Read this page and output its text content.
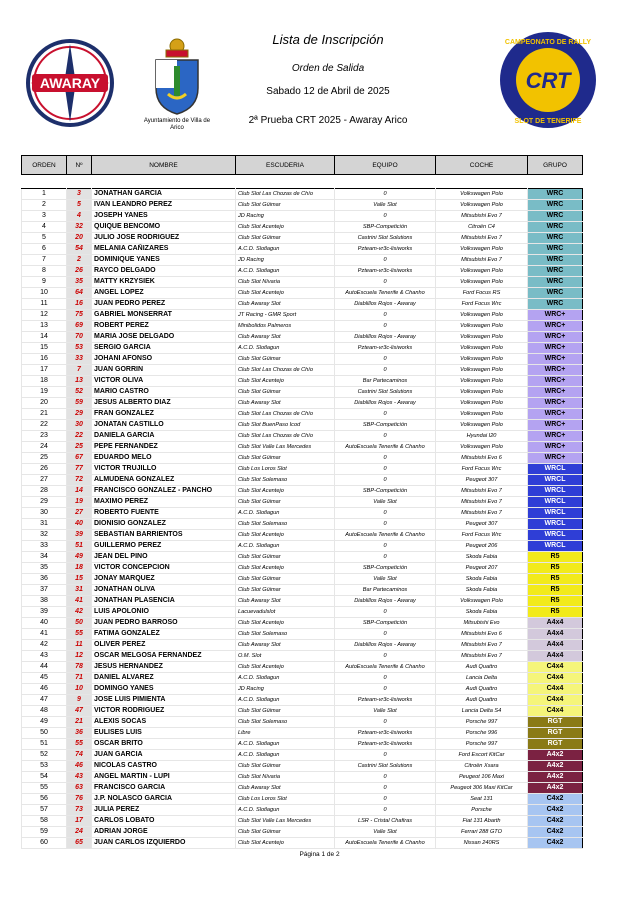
AWARAY
Ayuntamiento de Villa de Arico
CRT
CAMPEONATO DE RALLY
SLOT DE TENERIFE
Lista de Inscripción
Orden de Salida
Sabado 12 de Abril de 2025
2ª Prueba CRT 2025 - Awaray Arico
ORDEN	Nº	NOMBRE	ESCUDERIA	EQUIPO	COCHE	GRUPO
1	3	JONATHAN GARCIA	Club Slot Las Chozas de Chío	0	Volkswagen Polo	WRC
2	5	IVAN LEANDRO PEREZ	Club Slot Güimar	Valle Slot	Volkswagen Polo	WRC
3	4	JOSEPH YANES	JD Racing	0	Mitsubishi Evo 7	WRC
4	32	QUIQUE BENCOMO	Club Slot Acentejo	SBP-Competición	Citroën C4	WRC
5	20	JULIO JOSE RODRIGUEZ	Club Slot Güimar	Castrini Slot Solutions	Mitsubishi Evo 7	WRC
6	54	MELANIA CAÑIZARES	A.C.D. Slotlagun	Pzteam-vr3c-lisiworks	Volkswagen Polo	WRC
7	2	DOMINIQUE YANES	JD Racing	0	Mitsubishi Evo 7	WRC
8	26	RAYCO DELGADO	A.C.D. Slotlagun	Pzteam-vr3c-lisiworks	Volkswagen Polo	WRC
9	35	MATTY KRZYSIEK	Club Slot Nívaria	0	Volkswagen Polo	WRC
10	64	ANGEL LOPEZ	Club Slot Acentejo	AutoEscuela Tenerife & Chanho	Ford Focus RS	WRC
11	16	JUAN PEDRO PEREZ	Club Awaray Slot	Diablillos Rojos - Awaray	Ford Focus Wrc	WRC
12	75	GABRIEL MONSERRAT	JT Racing - GMR Sport	0	Volkswagen Polo	WRC+
13	69	ROBERT PEREZ	Minibolidos Palmeros	0	Volkswagen Polo	WRC+
14	70	MARIA JOSE DELGADO	Club Awaray Slot	Diablillos Rojos - Awaray	Volkswagen Polo	WRC+
15	53	SERGIO GARCIA	A.C.D. Slotlagun	Pzteam-vr3c-lisiworks	Volkswagen Polo	WRC+
16	33	JOHANI AFONSO	Club Slot Güimar	0	Volkswagen Polo	WRC+
17	7	JUAN GORRIN	Club Slot Las Chozas de Chío	0	Volkswagen Polo	WRC+
18	13	VICTOR OLIVA	Club Slot Acentejo	Bar Partecaminos	Volkswagen Polo	WRC+
19	52	MARIO CASTRO	Club Slot Güimar	Castrini Slot Solutions	Volkswagen Polo	WRC+
20	59	JESUS ALBERTO DIAZ	Club Awaray Slot	Diablillos Rojos - Awaray	Volkswagen Polo	WRC+
21	29	FRAN GONZALEZ	Club Slot Las Chozas de Chío	0	Volkswagen Polo	WRC+
22	30	JONATAN CASTILLO	Club Slot BuenPaso Icod	SBP-Competición	Volkswagen Polo	WRC+
23	22	DANIELA GARCIA	Club Slot Las Chozas de Chío	0	Hyundai I20	WRC+
24	25	PEPE FERNANDEZ	Club Slot Valle Las Mercedes	AutoEscuela Tenerife & Chanho	Volkswagen Polo	WRC+
25	67	EDUARDO MELO	Club Slot Güimar	0	Mitsubishi Evo 6	WRC+
26	77	VICTOR TRUJILLO	Club Los Loros Slot	0	Ford Focus Wrc	WRCL
27	72	ALMUDENA GONZALEZ	Club Slot Solemaso	0	Peugeot 307	WRCL
28	14	FRANCISCO GONZALEZ - PANCHO	Club Slot Acentejo	SBP-Competición	Mitsubishi Evo 7	WRCL
29	19	MAXIMO PEREZ	Club Slot Güimar	Valle Slot	Mitsubishi Evo 7	WRCL
30	27	ROBERTO FUENTE	A.C.D. Slotlagun	0	Mitsubishi Evo 7	WRCL
31	40	DIONISIO GONZALEZ	Club Slot Solemaso	0	Peugeot 307	WRCL
32	39	SEBASTIAN BARRIENTOS	Club Slot Acentejo	AutoEscuela Tenerife & Chanho	Ford Focus Wrc	WRCL
33	51	GUILLERMO PEREZ	A.C.D. Slotlagun	0	Peugeot 206	WRCL
34	49	JEAN DEL PINO	Club Slot Güimar	0	Skoda Fabia	R5
35	18	VICTOR CONCEPCION	Club Slot Acentejo	SBP-Competición	Peugeot 207	R5
36	15	JONAY MARQUEZ	Club Slot Güimar	Valle Slot	Skoda Fabia	R5
37	31	JONATHAN OLIVA	Club Slot Güimar	Bar Partecaminos	Skoda Fabia	R5
38	41	JONATHAN PLASENCIA	Club Awaray Slot	Diablillos Rojos - Awaray	Volkswagen Polo	R5
39	42	LUIS APOLONIO	Lacuevadulslot	0	Skoda Fabia	R5
40	50	JUAN PEDRO BARROSO	Club Slot Acentejo	SBP-Competición	Mitsubishi Evo	A4x4
41	55	FATIMA GONZALEZ	Club Slot Solemaso	0	Mitsubishi Evo 6	A4x4
42	11	OLIVER PEREZ	Club Awaray Slot	Diablillos Rojos - Awaray	Mitsubishi Evo 7	A4x4
43	12	OSCAR MELGOSA FERNANDEZ	O.M. Slot	0	Mitsubishi Evo 7	A4x4
44	78	JESUS HERNANDEZ	Club Slot Acentejo	AutoEscuela Tenerife & Chanho	Audi Quattro	C4x4
45	71	DANIEL ALVAREZ	A.C.D. Slotlagun	0	Lancia Delta	C4x4
46	10	DOMINGO YANES	JD Racing	0	Audi Quattro	C4x4
47	9	JOSE LUIS PIMIENTA	A.C.D. Slotlagun	Pzteam-vr3c-lisiworks	Audi Quattro	C4x4
48	47	VICTOR RODRIGUEZ	Club Slot Güimar	Valle Slot	Lancia Delta S4	C4x4
49	21	ALEXIS SOCAS	Club Slot Solemaso	0	Porsche 997	RGT
50	36	EULISES LUIS	Libre	Pzteam-vr3c-lisiworks	Porsche 996	RGT
51	55	OSCAR BRITO	A.C.D. Slotlagun	Pzteam-vr3c-lisiworks	Porsche 997	RGT
52	74	JUAN GARCIA	A.C.D. Slotlagun	0	Ford Escort KitCar	A4x2
53	46	NICOLAS CASTRO	Club Slot Güimar	Castrini Slot Solutions	Citroën Xsara	A4x2
54	43	ANGEL MARTIN - LUPI	Club Slot Nívaria	0	Peugeot 106 Maxi	A4x2
55	63	FRANCISCO GARCIA	Club Awaray Slot	0	Peugeot 306 Maxi KitCar	A4x2
56	76	J.P. NOLASCO GARCIA	Club Los Loros Slot	0	Seat 131	C4x2
57	73	JULIA PEREZ	A.C.D. Slotlagun	0	Porsche	C4x2
58	17	CARLOS LOBATO	Club Slot Valle Las Mercedes	LSR - Cristal Chafiras	Fiat 131 Abarth	C4x2
59	24	ADRIAN JORGE	Club Slot Güimar	Valle Slot	Ferrari 288 GTO	C4x2
60	65	JUAN CARLOS IZQUIERDO	Club Slot Acentejo	AutoEscuela Tenerife & Chanho	Nissan 240RS	C4x2
Página 1 de 2
